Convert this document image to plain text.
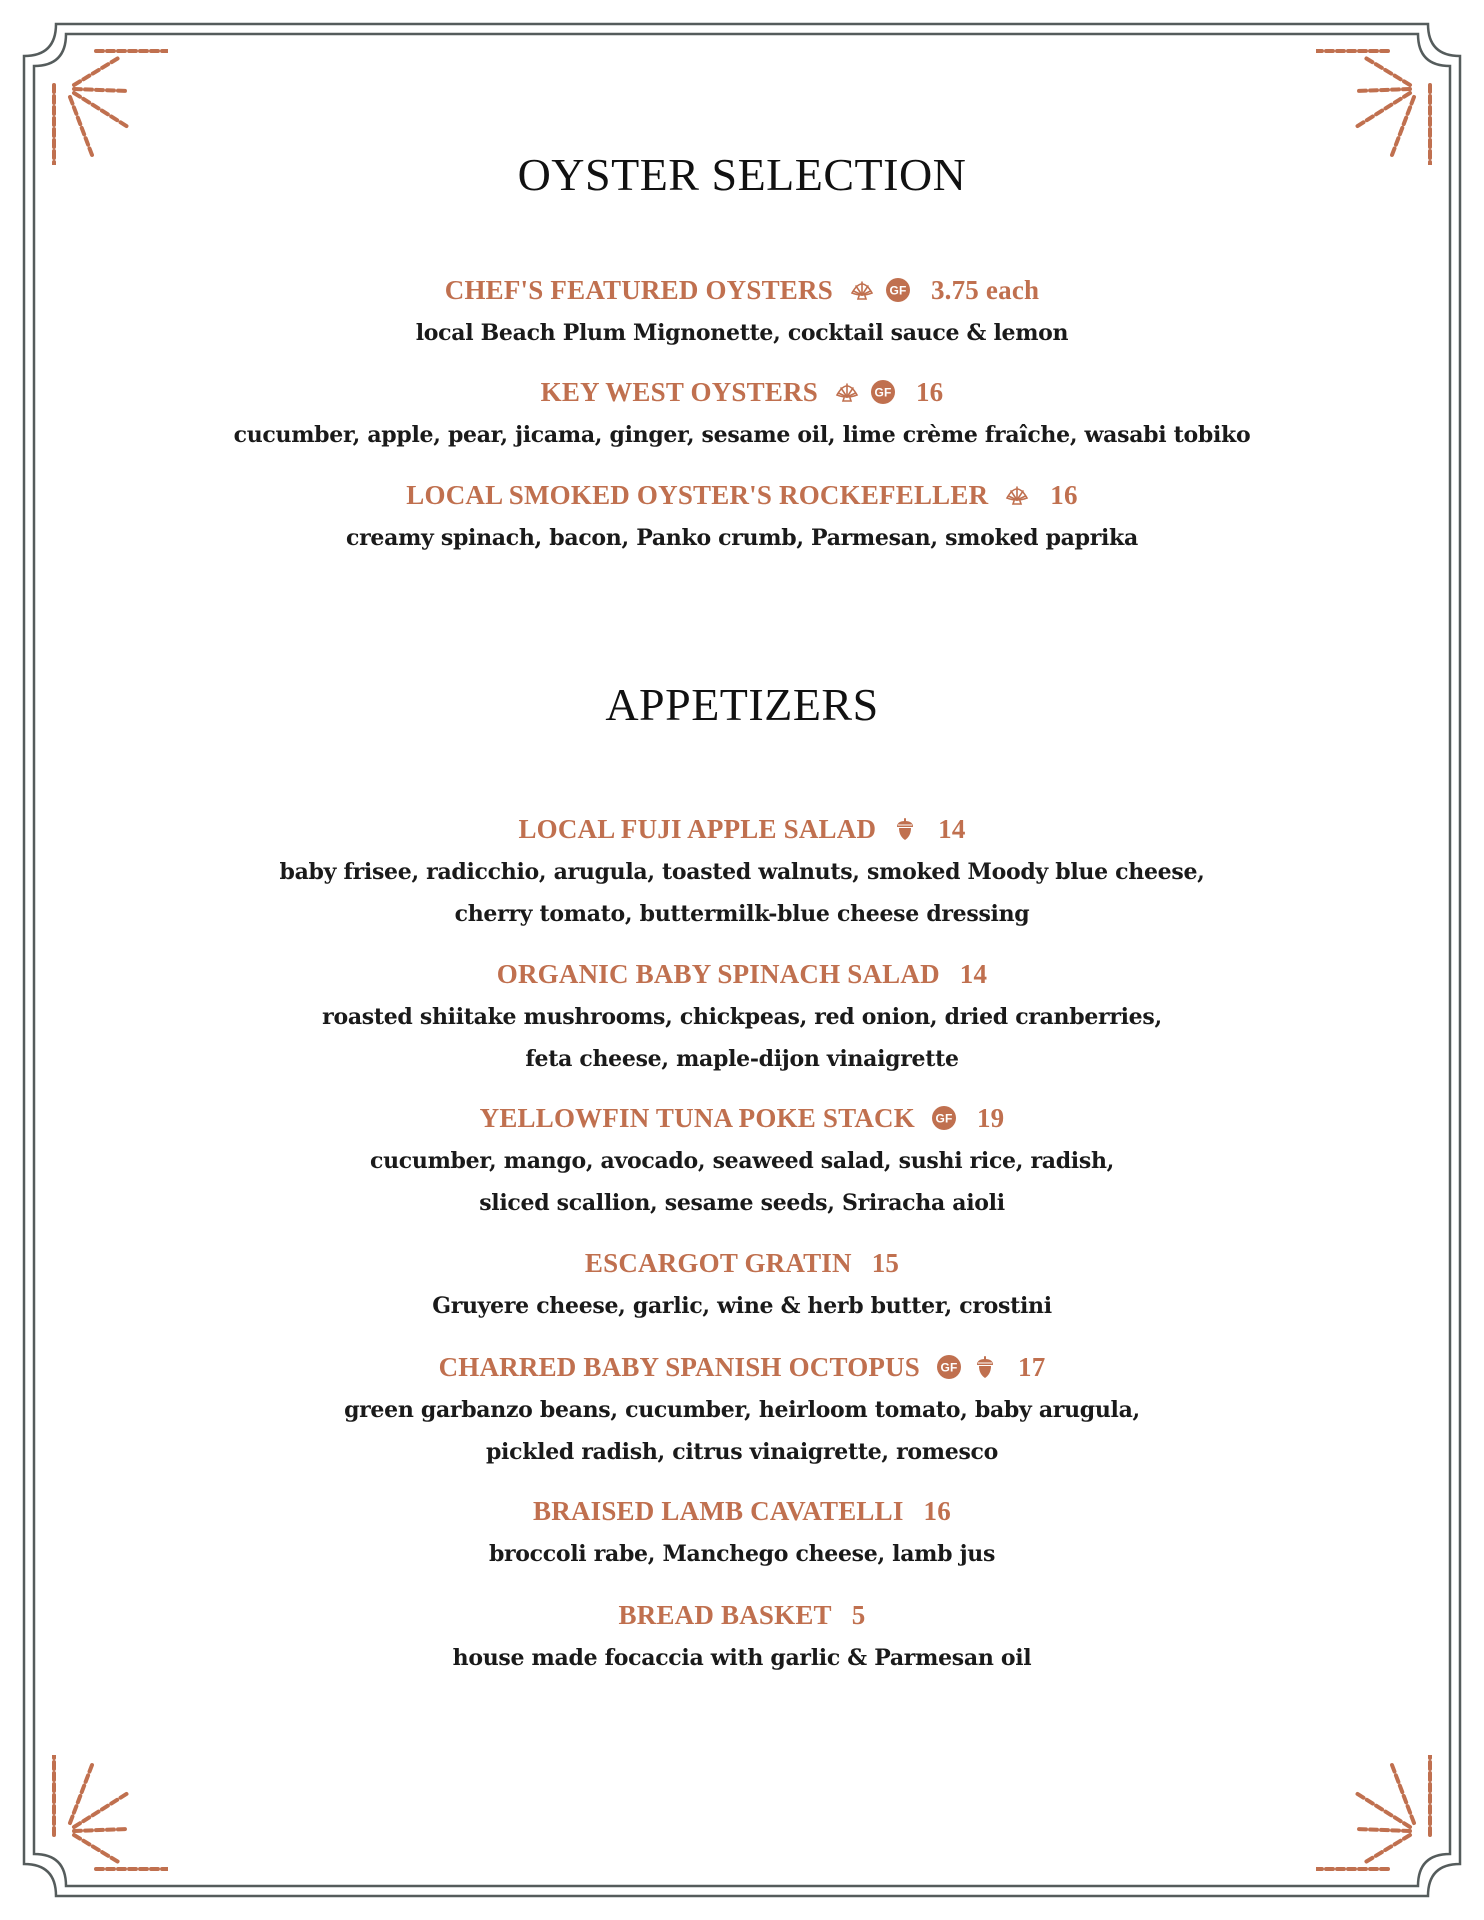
OYSTER SELECTION
APPETIZERS
CHEF'S FEATURED OYSTERS	GF 3.75 each
local Beach Plum Mignonette, cocktail sauce & lemon
KEY WEST OYSTERS	GF 16
cucumber, apple, pear, jicama, ginger, sesame oil, lime crème fraîche, wasabi tobiko
LOCAL SMOKED OYSTER'S ROCKEFELLER 16
creamy spinach, bacon, Panko crumb, Parmesan, smoked paprika
LOCAL FUJI APPLE SALAD 14
baby frisee, radicchio, arugula, toasted walnuts, smoked Moody blue cheese,
cherry tomato, buttermilk-blue cheese dressing
ORGANIC BABY SPINACH SALAD 14
roasted shiitake mushrooms, chickpeas, red onion, dried cranberries,
feta cheese, maple-dijon vinaigrette
YELLOWFIN TUNA POKE STACK GF 19
cucumber, mango, avocado, seaweed salad, sushi rice, radish,
sliced scallion, sesame seeds, Sriracha aioli
ESCARGOT GRATIN 15
Gruyere cheese, garlic, wine & herb butter, crostini
CHARRED BABY SPANISH OCTOPUS GF 17
green garbanzo beans, cucumber, heirloom tomato, baby arugula,
pickled radish, citrus vinaigrette, romesco
BRAISED LAMB CAVATELLI 16
broccoli rabe, Manchego cheese, lamb jus
BREAD BASKET 5
house made focaccia with garlic & Parmesan oil
